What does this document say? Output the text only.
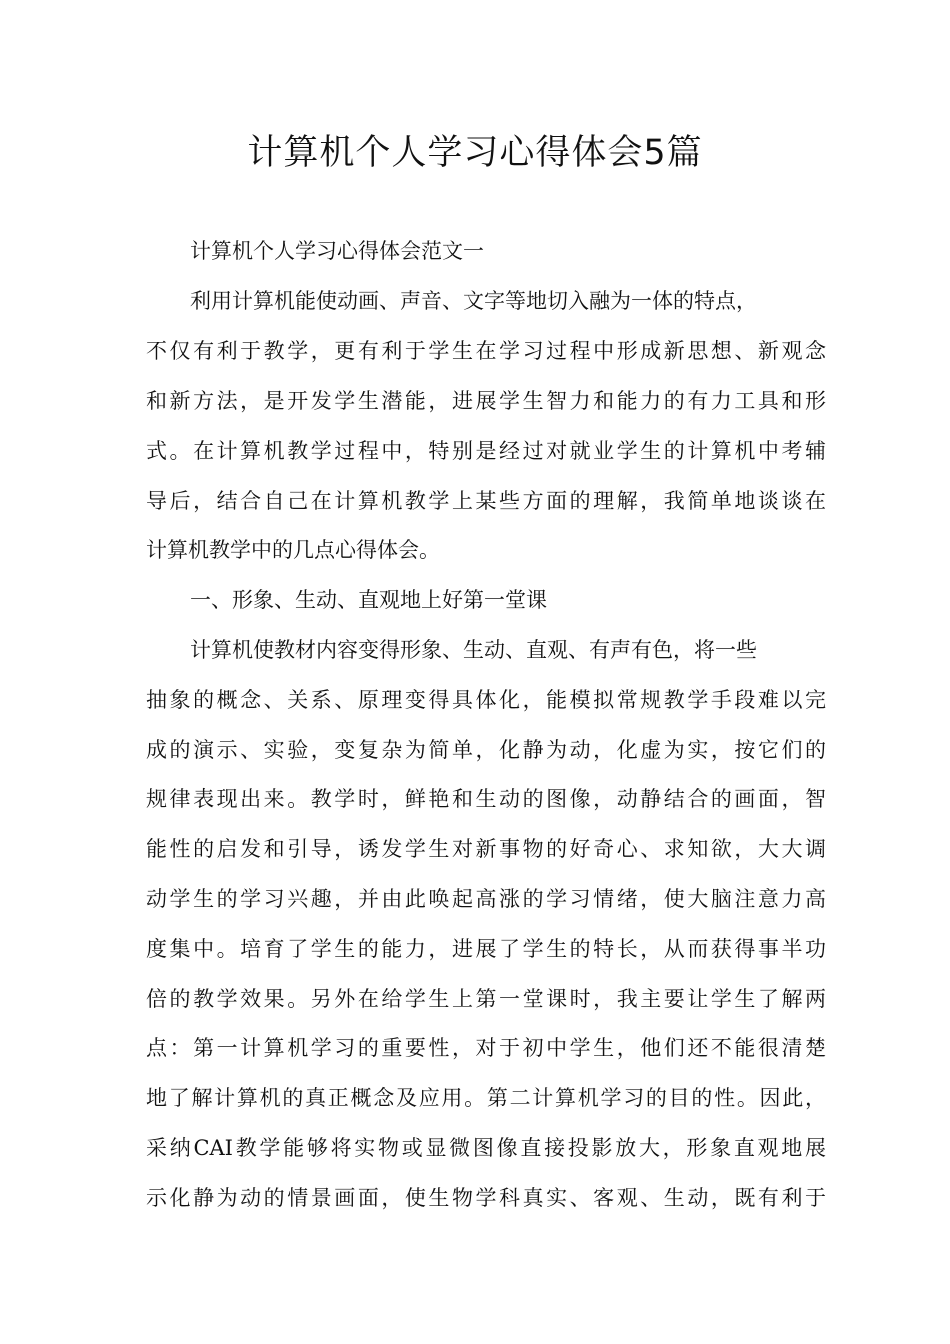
计算机个人学习心得体会5篇

计算机个人学习心得体会范文一

利用计算机能使动画、声音、文字等地切入融为一体的特点，

不仅有利于教学，更有利于学生在学习过程中形成新思想、新观念

和新方法，是开发学生潜能，进展学生智力和能力的有力工具和形

式。在计算机教学过程中，特别是经过对就业学生的计算机中考辅

导后，结合自己在计算机教学上某些方面的理解，我简单地谈谈在

计算机教学中的几点心得体会。

一、形象、生动、直观地上好第一堂课

计算机使教材内容变得形象、生动、直观、有声有色，将一些

抽象的概念、关系、原理变得具体化，能模拟常规教学手段难以完

成的演示、实验，变复杂为简单，化静为动，化虚为实，按它们的

规律表现出来。教学时，鲜艳和生动的图像，动静结合的画面，智

能性的启发和引导，诱发学生对新事物的好奇心、求知欲，大大调

动学生的学习兴趣，并由此唤起高涨的学习情绪，使大脑注意力高

度集中。培育了学生的能力，进展了学生的特长，从而获得事半功

倍的教学效果。另外在给学生上第一堂课时，我主要让学生了解两

点：第一计算机学习的重要性，对于初中学生，他们还不能很清楚

地了解计算机的真正概念及应用。第二计算机学习的目的性。因此，

采纳CAI教学能够将实物或显微图像直接投影放大，形象直观地展

示化静为动的情景画面，使生物学科真实、客观、生动，既有利于
